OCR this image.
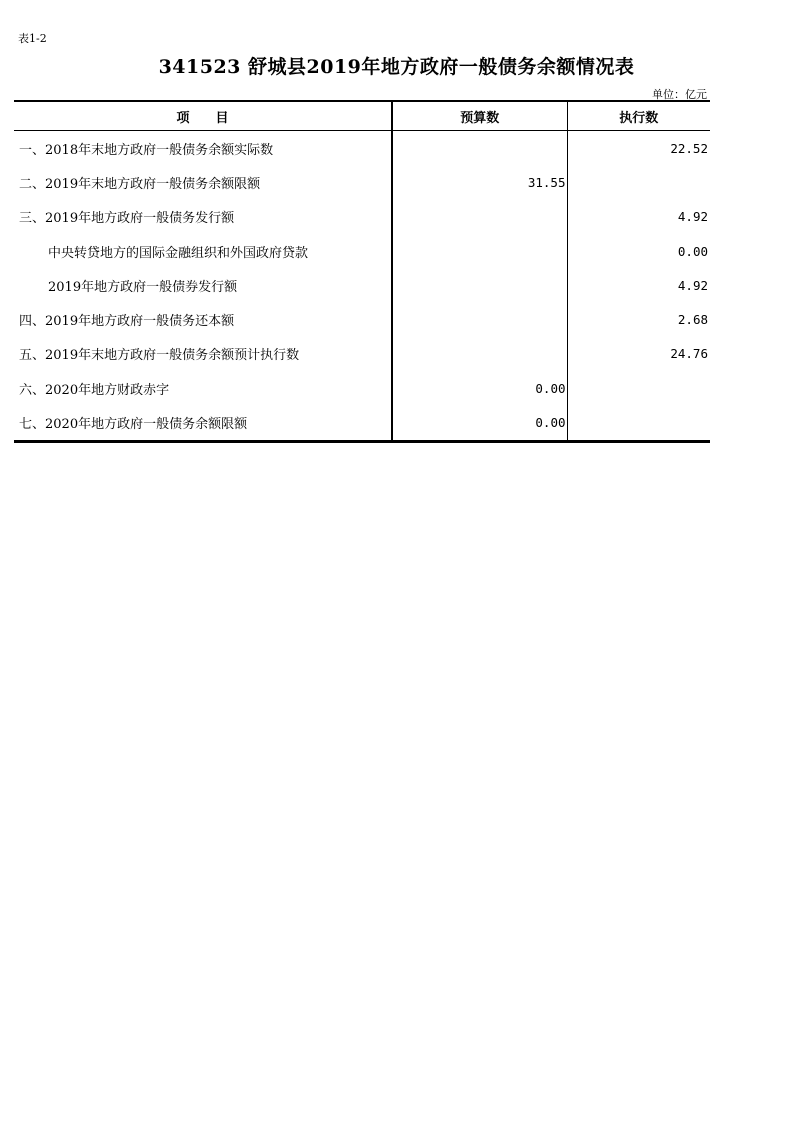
表1-2
341523 舒城县2019年地方政府一般债务余额情况表
单位：亿元
项　　目	预算数	执行数
一、2018年末地方政府一般债务余额实际数		22.52
二、2019年末地方政府一般债务余额限额	31.55	
三、2019年地方政府一般债务发行额		4.92
中央转贷地方的国际金融组织和外国政府贷款		0.00
2019年地方政府一般债券发行额		4.92
四、2019年地方政府一般债务还本额		2.68
五、2019年末地方政府一般债务余额预计执行数		24.76
六、2020年地方财政赤字	0.00	
七、2020年地方政府一般债务余额限额	0.00	
